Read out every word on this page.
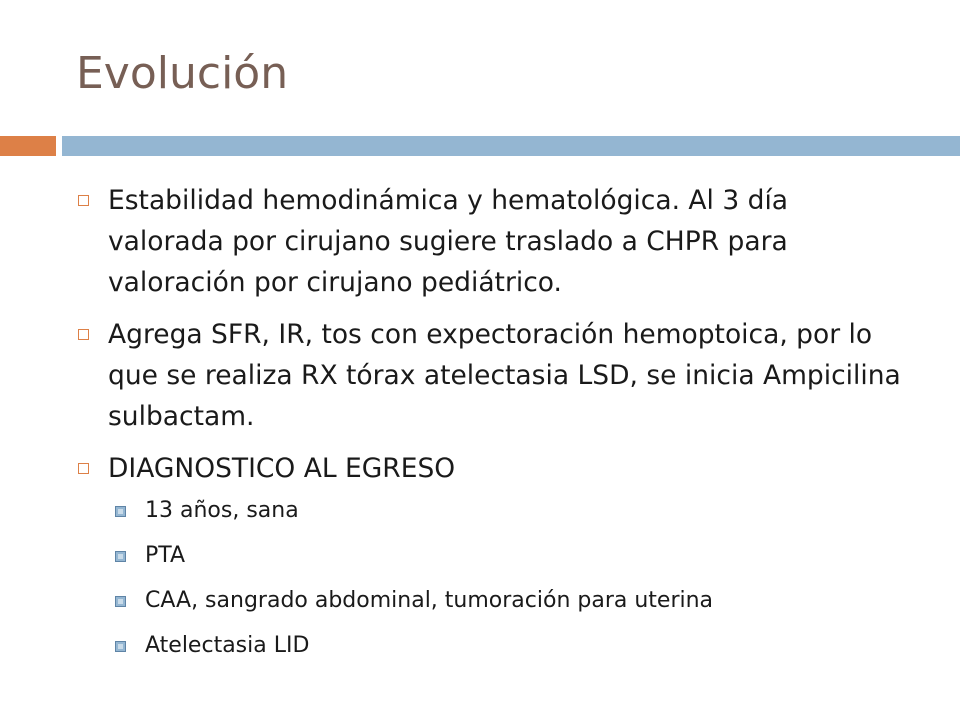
Evolución
Estabilidad hemodinámica y hematológica. Al 3 día valorada por cirujano sugiere traslado a CHPR para valoración por cirujano pediátrico.
Agrega SFR, IR, tos con expectoración hemoptoica, por lo que se realiza RX tórax atelectasia LSD, se inicia Ampicilina sulbactam.
DIAGNOSTICO AL EGRESO
13 años, sana
PTA
CAA, sangrado abdominal, tumoración para uterina
Atelectasia LID
